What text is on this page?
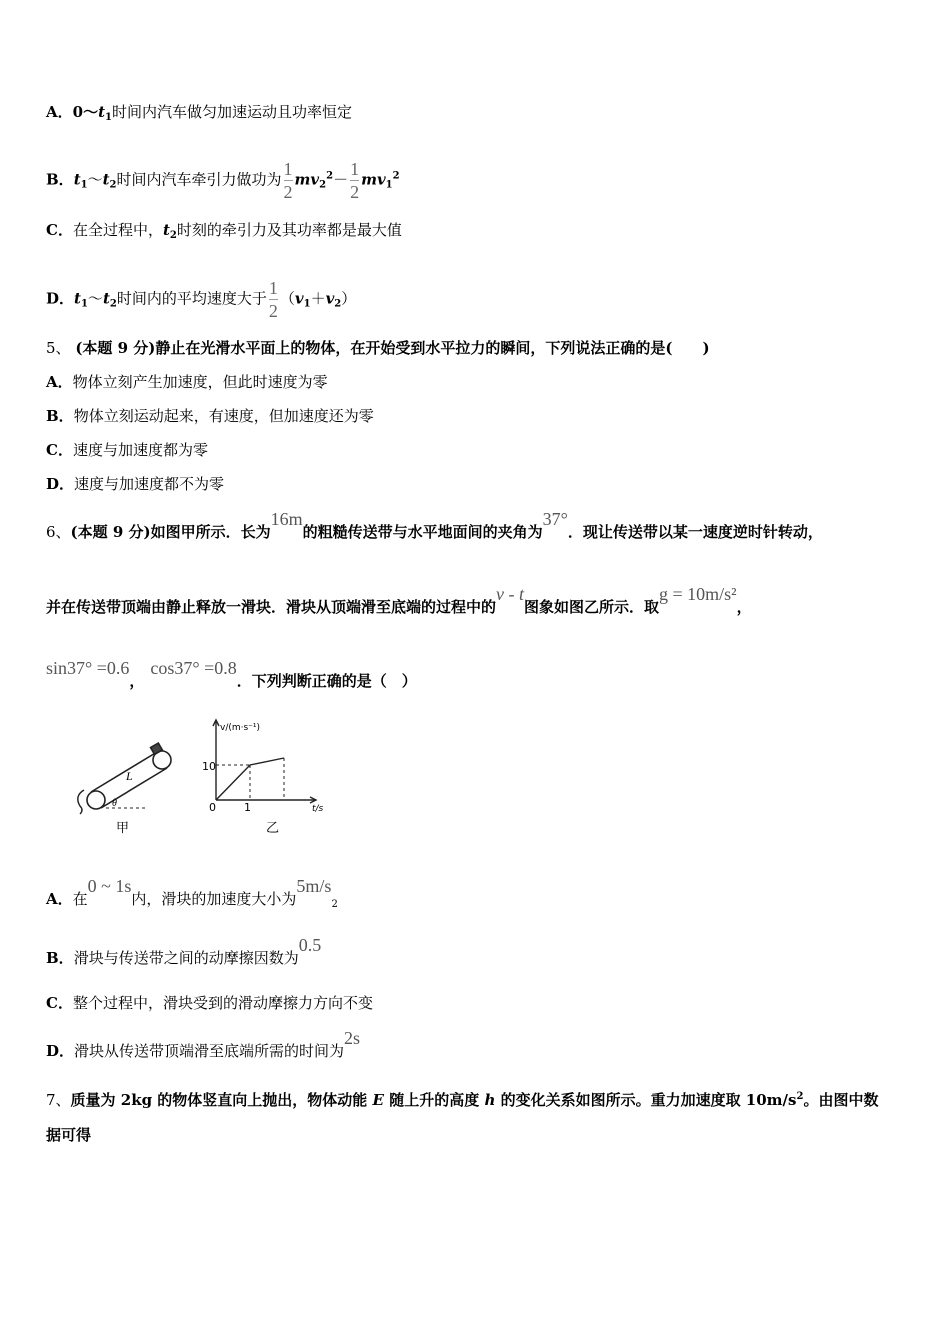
A．$0\sim t_1$时间内汽车做匀加速运动且功率恒定
B．$t_1\sim t_2$时间内汽车牵引力做功为 $\frac{1}{2} mv_2^2- \frac{1}{2} mv_1^2$
C．在全过程中，$t_2$时刻的牵引力及其功率都是最大值
D．$t_1\sim t_2$时间内的平均速度大于 $\frac{1}{2} (v_1+v_2)$
5、 (本题 9 分)静止在光滑水平面上的物体，在开始受到水平拉力的瞬间，下列说法正确的是(　　)
A．物体立刻产生加速度，但此时速度为零
B．物体立刻运动起来，有速度，但加速度还为零
C．速度与加速度都为零
D．速度与加速度都不为零
6、(本题 9 分)如图甲所示．长为16m的粗糙传送带与水平地面间的夹角为37°．现让传送带以某一速度逆时针转动，
并在传送带顶端由静止释放一滑块．滑块从顶端滑至底端的过程中的v - t图象如图乙所示．取g = 10m/s²，
sin37° =0.6，cos37° =0.8．下列判断正确的是（　）
L
θ
甲
v/(m·s⁻¹)
t/s
10
1
0
乙
A．在0 ~ 1s内，滑块的加速度大小为$5m/s_2$
B．滑块与传送带之间的动摩擦因数为0.5
C．整个过程中，滑块受到的滑动摩擦力方向不变
D．滑块从传送带顶端滑至底端所需的时间为2s
7、质量为 2kg 的物体竖直向上抛出，物体动能 E 随上升的高度 h 的变化关系如图所示。重力加速度取 $10m/s^2$。由图中数
据可得
